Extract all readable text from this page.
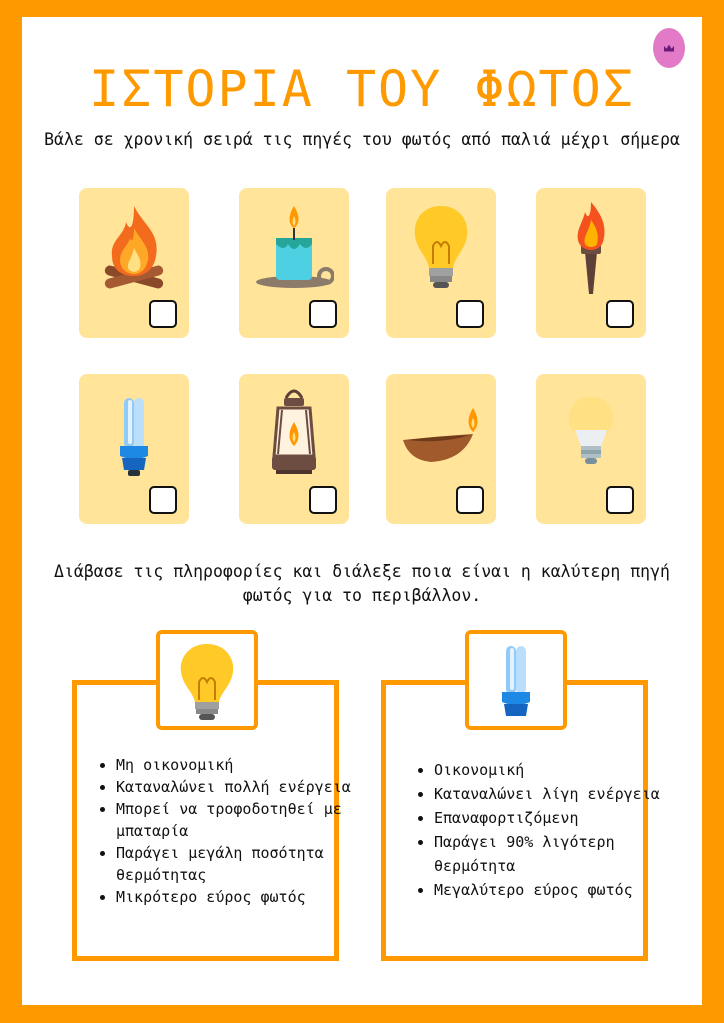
ΙΣΤΟΡΙΑ ΤΟΥ ΦΩΤΟΣ

Βάλε σε χρονική σειρά τις πηγές του φωτός από παλιά μέχρι σήμερα

Διάβασε τις πληροφορίες και διάλεξε ποια είναι η καλύτερη πηγή φωτός για το περιβάλλον.

• Μη οικονομική
• Καταναλώνει πολλή ενέργεια
• Μπορεί να τροφοδοτηθεί με μπαταρία
• Παράγει μεγάλη ποσότητα θερμότητας
• Μικρότερο εύρος φωτός
• Οικονομική
• Καταναλώνει λίγη ενέργεια
• Επαναφορτιζόμενη
• Παράγει 90% λιγότερη θερμότητα
• Μεγαλύτερο εύρος φωτός
